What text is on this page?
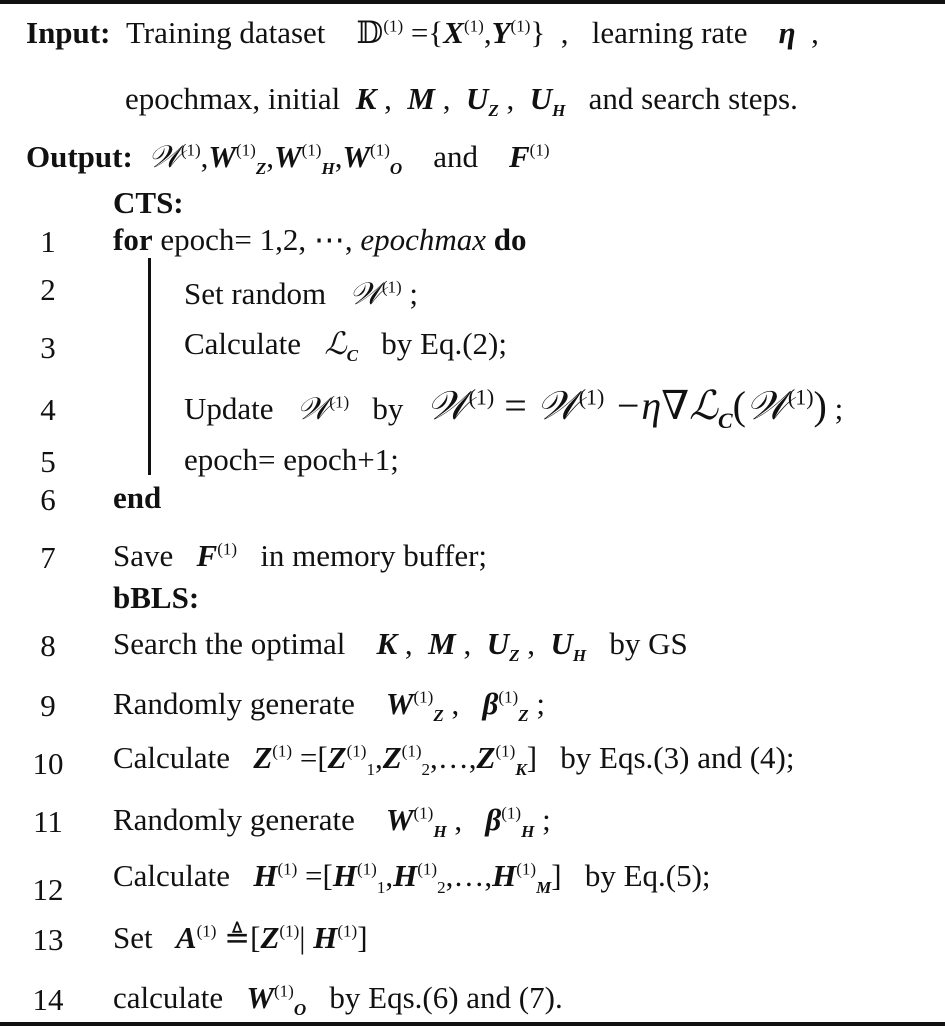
Input: Training dataset 𝔻$^{(1)}$ $=\{X^{(1)},Y^{(1)}\}$ , learning rate η ,
epochmax, initial K , M , $U_Z$ , $U_H$ and search steps.
Output: $𝒲^{(1)},W^{(1)}_Z,W^{(1)}_H,W^{(1)}_O$ and $F^{(1)}$
CTS:
1	for epoch= 1,2, ⋯, epochmax do
2	Set random 𝒲$^{(1)}$ ;
3	Calculate ℒ$_C$ by Eq.(2);
4	Update 𝒲$^{(1)}$ by 𝒲$^{(1)}$ = 𝒲$^{(1)}$ −η∇ℒ$_C$(𝒲$^{(1)}$) ;
5	epoch= epoch+1;
6	end
7	Save $F^{(1)}$ in memory buffer;
bBLS:
8	Search the optimal K , M , $U_Z$ , $U_H$ by GS
9	Randomly generate $W^{(1)}_Z$ , $\beta^{(1)}_Z$ ;
10	Calculate $Z^{(1)}$ $=[Z^{(1)}_1,Z^{(1)}_2,\dots,Z^{(1)}_K]$ by Eqs.(3) and (4);
11	Randomly generate $W^{(1)}_H$ , $\beta^{(1)}_H$ ;
12	Calculate $H^{(1)}$ $=[H^{(1)}_1,H^{(1)}_2,\dots,H^{(1)}_M]$ by Eq.(5);
13	Set $A^{(1)}$ $≜[Z^{(1)}|$ $H^{(1)}$]
14	calculate $W^{(1)}_O$ by Eqs.(6) and (7).
